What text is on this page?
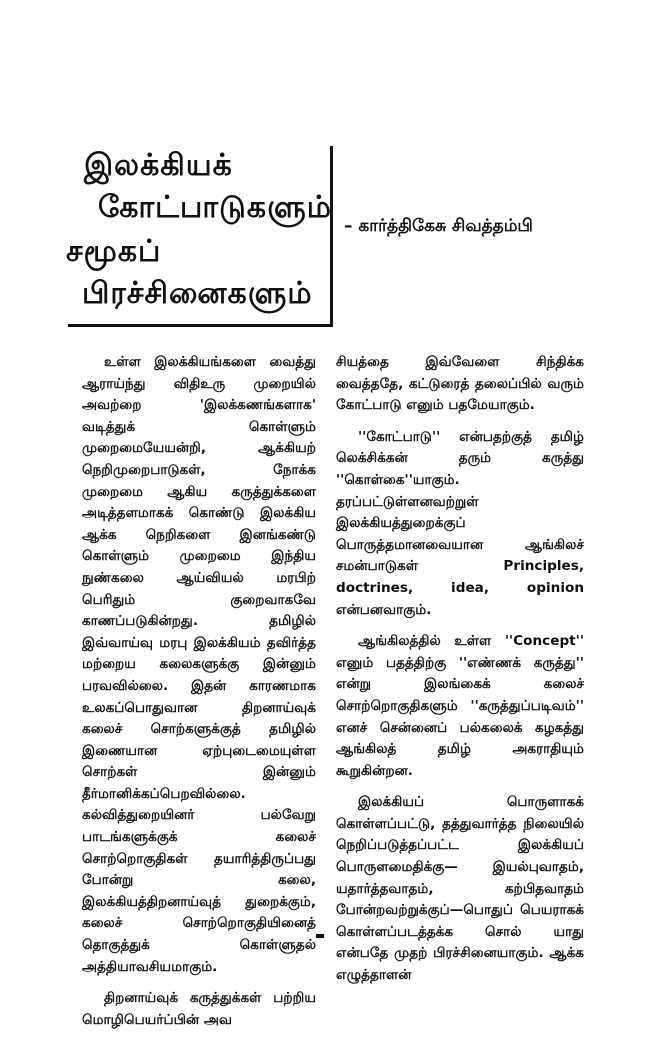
இலக்கியக்
கோட்பாடுகளும்
சமூகப்
பிரச்சினைகளும்
– கார்த்திகேசு சிவத்தம்பி

உள்ள இலக்கியங்களை வைத்து ஆராய்ந்து விதிஉரு முறையில் அவற்றை 'இலக்கணங்களாக' வடித்துக் கொள்ளும் முறைமையேயன்றி, ஆக்கியற் நெறிமுறைபாடுகள், நோக்க முறைமை ஆகிய கருத்துக்களை அடித்தளமாகக் கொண்டு இலக்கிய ஆக்க நெறிகளை இனங்கண்டு கொள்ளும் முறைமை இந்திய நுண்கலை ஆய்வியல் மரபிற் பெரிதும் குறைவாகவே காணப்படுகின்றது. தமிழில் இவ்வாய்வு மரபு இலக்கியம் தவிர்த்த மற்றைய கலைகளுக்கு இன்னும் பரவவில்லை. இதன் காரணமாக உலகப்பொதுவான திறனாய்வுக் கலைச் சொற்களுக்குத் தமிழில் இணையான ஏற்புடைமையுள்ள சொற்கள் இன்னும் தீர்மானிக்கப்பெறவில்லை. கல்வித்துறையினர் பல்வேறு பாடங்களுக்குக் கலைச் சொற்றொகுதிகள் தயாரித்திருப்பது போன்று கலை, இலக்கியத்திறனாய்வுத் துறைக்கும், கலைச் சொற்றொகுதியினைத் தொகுத்துக் கொள்ளுதல் அத்தியாவசியமாகும்.

திறனாய்வுக் கருத்துக்கள் பற்றிய மொழிபெயர்ப்பின் அவ

சியத்தை இவ்வேளை சிந்திக்க வைத்ததே, கட்டுரைத் தலைப்பில் வரும் கோட்பாடு எனும் பதமேயாகும்.

''கோட்பாடு'' என்பதற்குத் தமிழ் லெக்சிக்கன் தரும் கருத்து ''கொள்கை''யாகும். தரப்பட்டுள்ளனவற்றுள் இலக்கியத்துறைக்குப் பொருத்தமானவையான ஆங்கிலச் சமன்பாடுகள் Principles, doctrines, idea, opinion என்பனவாகும்.

ஆங்கிலத்தில் உள்ள ''Concept'' எனும் பதத்திற்கு ''எண்ணக் கருத்து'' என்று இலங்கைக் கலைச் சொற்றொகுதிகளும் ''கருத்துப்படிவம்'' எனச் சென்னைப் பல்கலைக் கழகத்து ஆங்கிலத் தமிழ் அகராதியும் கூறுகின்றன.

இலக்கியப் பொருளாகக் கொள்ளப்பட்டு, தத்துவார்த்த நிலையில் நெறிப்படுத்தப்பட்ட இலக்கியப் பொருளமைதிக்கு— இயல்புவாதம், யதார்த்தவாதம், கற்பிதவாதம் போன்றவற்றுக்குப்—பொதுப் பெயராகக் கொள்ளப்படத்தக்க சொல் யாது என்பதே முதற் பிரச்சினையாகும். ஆக்க எழுத்தாளன்
